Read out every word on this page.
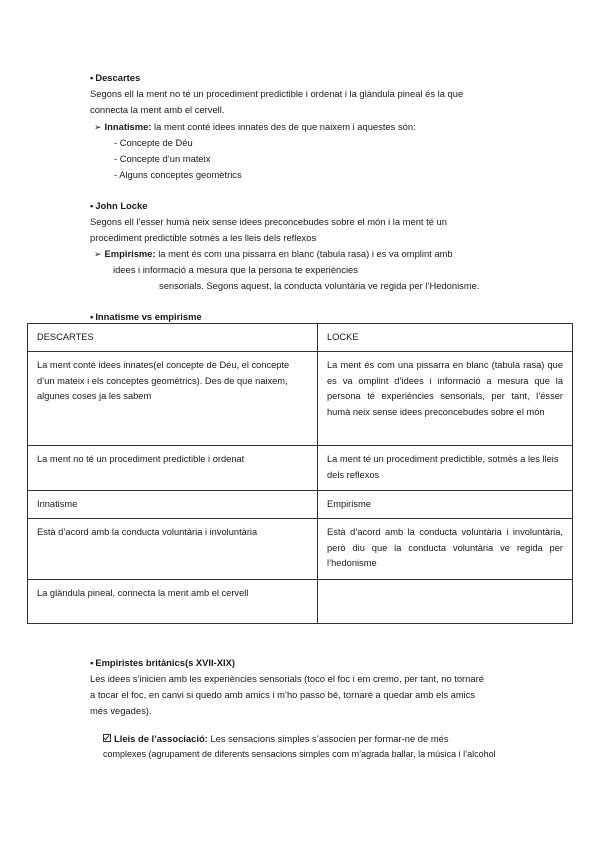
▪ Descartes
Segons ell la ment no té un procediment predictible i ordenat i la glàndula pineal és la que
connecta la ment amb el cervell.
➢ Innatisme: la ment conté idees innates des de que naixem i aquestes són:
- Concepte de Déu
- Concepte d’un mateix
- Alguns conceptes geomètrics
▪ John Locke
Segons ell l’esser humà neix sense idees preconcebudes sobre el món i la ment té un
procediment predictible sotmès a les lleis dels reflexos
➢ Empirisme: la ment és com una pissarra en blanc (tabula rasa) i es va omplint amb
idees i informació a mesura que la persona te experiències
sensorials. Segons aquest, la conducta voluntària ve regida per l’Hedonisme.
▪ Innatisme vs empirisme
DESCARTES	LOCKE
La ment conté idees innates(el concepte de Déu, el concepte d’un mateix i els conceptes geomètrics). Des de que naixem, algunes coses ja les sabem	La ment és com una pissarra en blanc (tabula rasa) que es va omplint d’idees i informació a mesura que la persona té experiències sensorials, per tant, l’ésser humà neix sense idees preconcebudes sobre el món
La ment no té un procediment predictible i ordenat	La ment té un procediment predictible, sotmès a les lleis dels reflexos
Innatisme	Empirisme
Està d’acord amb la conducta voluntària i involuntària	Està d’acord amb la conducta voluntària i involuntària, però diu que la conducta voluntària ve regida per l’hedonisme
La glàndula pineal, connecta la ment amb el cervell	
▪ Empiristes britànics(s XVII-XIX)
Les idees s’inicien amb les experiències sensorials (toco el foc i em cremo, per tant, no tornaré
a tocar el foc, en canvi si quedo amb amics i m’ho passo bé, tornaré a quedar amb els amics
més vegades).
Lleis de l’associació: Les sensacions simples s’associen per formar-ne de més
complexes (agrupament de diferents sensacions simples com m’agrada ballar, la música i l’alcohol
